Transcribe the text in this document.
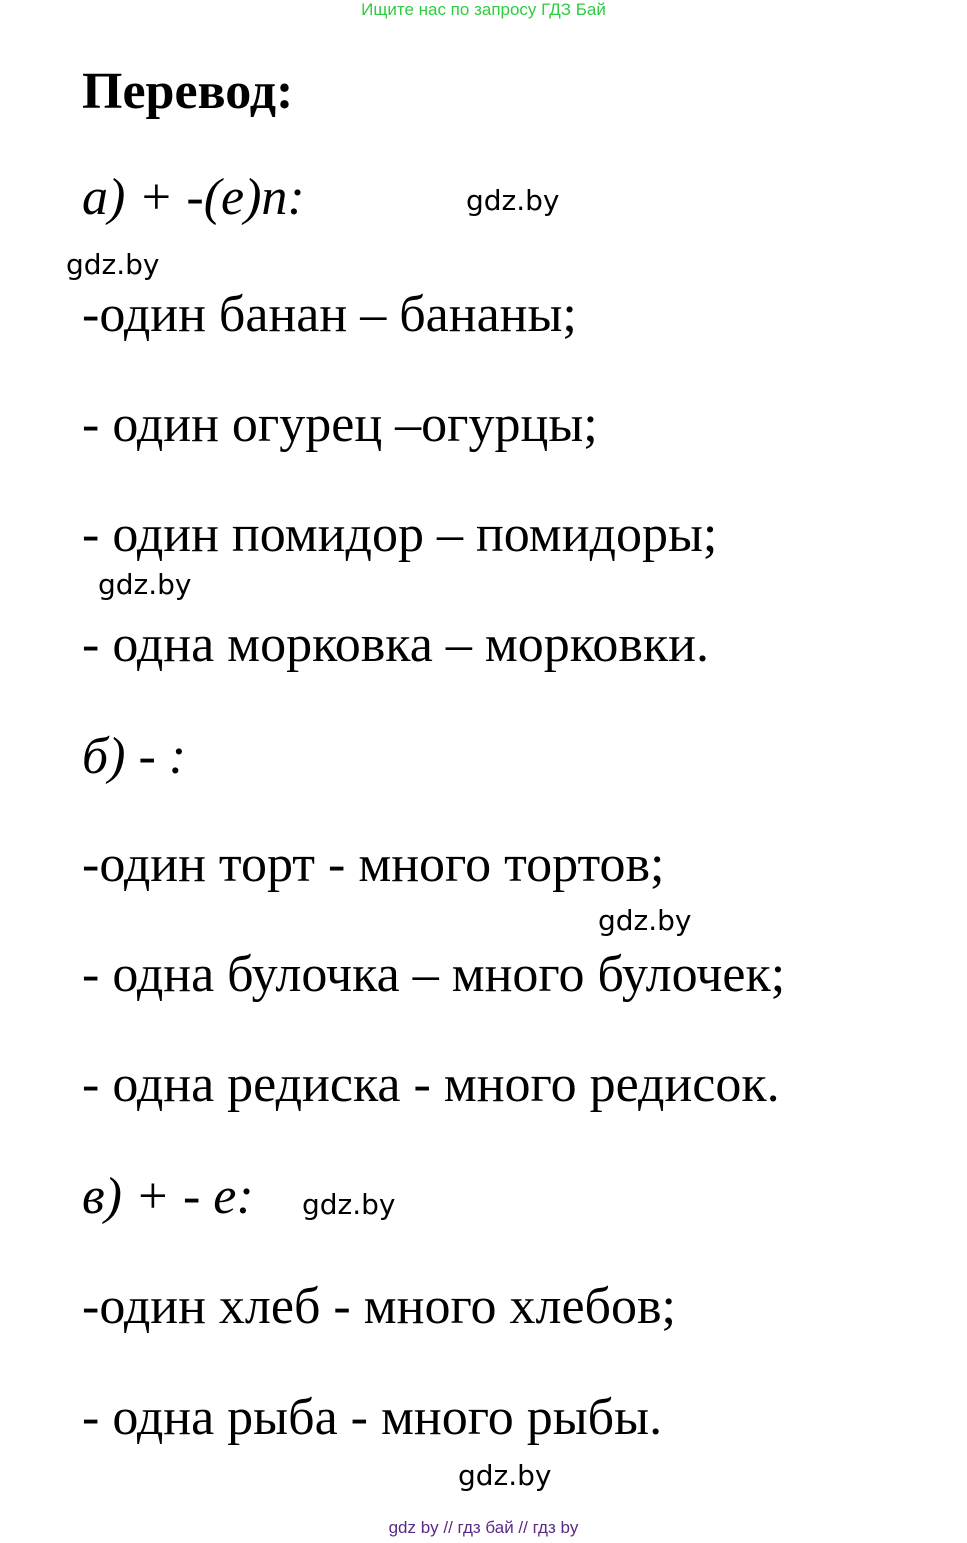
Ищите нас по запросу ГДЗ Бай
Перевод:
а) + -(e)n:
-один банан – бананы;
- один огурец –огурцы;
- один помидор – помидоры;
- одна морковка – морковки.
б) - :
-один торт - много тортов;
- одна булочка – много булочек;
- одна редиска - много редисок.
в) + - e:
-один хлеб - много хлебов;
- одна рыба - много рыбы.
gdz.by
gdz.by
gdz.by
gdz.by
gdz.by
gdz.by
gdz by // гдз бай // гдз by
